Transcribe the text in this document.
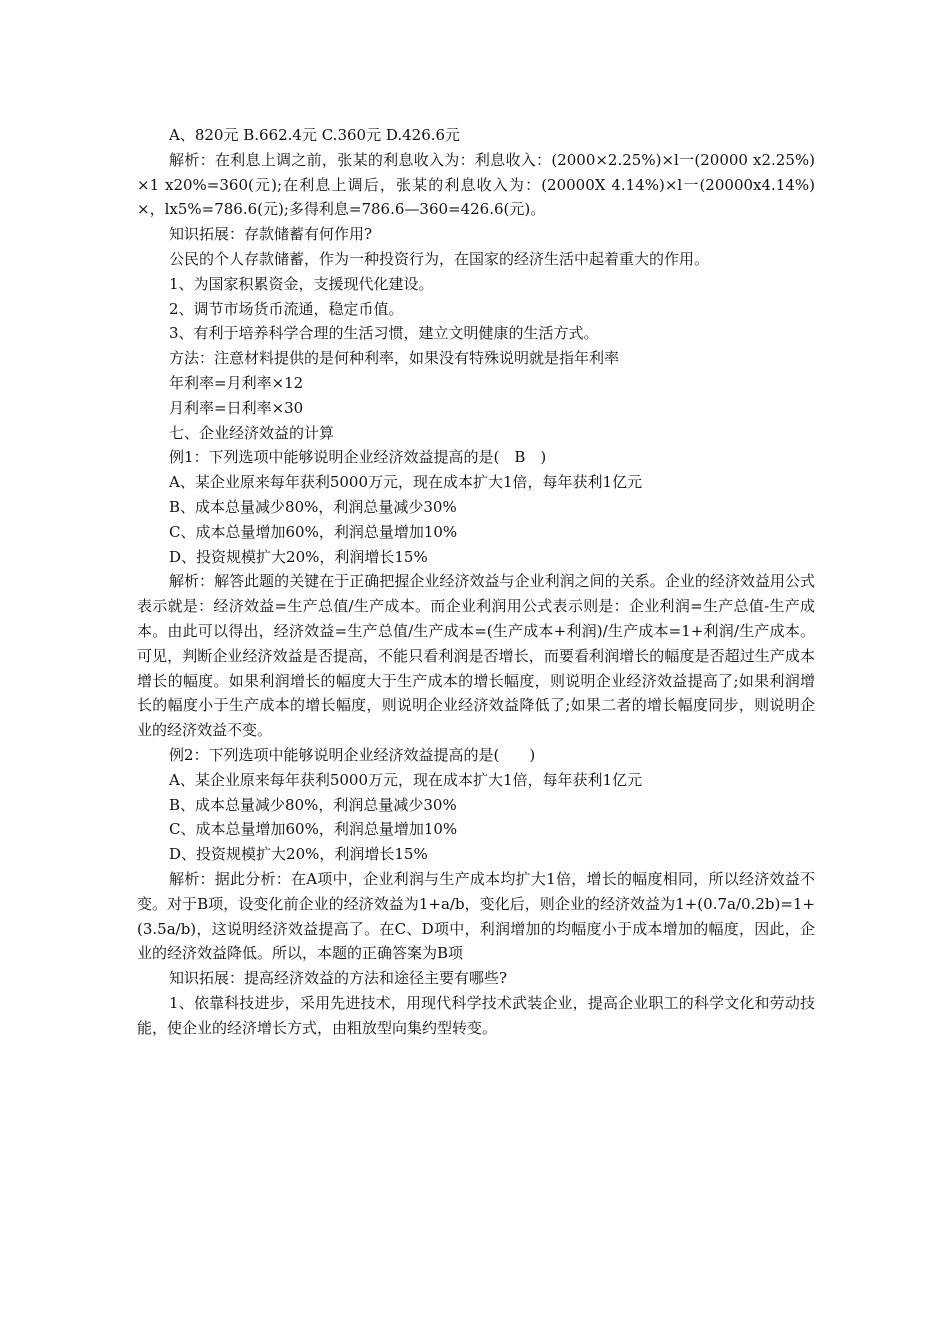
A、820元 B.662.4元 C.360元 D.426.6元

解析：在利息上调之前，张某的利息收入为：利息收入：(2000×2.25%)×l一(20000 x2.25%)×1 x20%=360(元);在利息上调后，张某的利息收入为：(20000X 4.14%)×l一(20000x4.14%)×，lx5%=786.6(元);多得利息=786.6—360=426.6(元)。

知识拓展：存款储蓄有何作用?

公民的个人存款储蓄，作为一种投资行为，在国家的经济生活中起着重大的作用。

1、为国家积累资金，支援现代化建设。

2、调节市场货币流通，稳定币值。

3、有利于培养科学合理的生活习惯，建立文明健康的生活方式。

方法：注意材料提供的是何种利率，如果没有特殊说明就是指年利率

年利率=月利率×12

月利率=日利率×30

七、企业经济效益的计算

例1：下列选项中能够说明企业经济效益提高的是(　B　)

A、某企业原来每年获利5000万元，现在成本扩大1倍，每年获利1亿元

B、成本总量减少80%，利润总量减少30%

C、成本总量增加60%，利润总量增加10%

D、投资规模扩大20%，利润增长15%

解析：解答此题的关键在于正确把握企业经济效益与企业利润之间的关系。企业的经济效益用公式表示就是：经济效益=生产总值/生产成本。而企业利润用公式表示则是：企业利润=生产总值-生产成本。由此可以得出，经济效益=生产总值/生产成本=(生产成本+利润)/生产成本=1+利润/生产成本。可见，判断企业经济效益是否提高，不能只看利润是否增长，而要看利润增长的幅度是否超过生产成本增长的幅度。如果利润增长的幅度大于生产成本的增长幅度，则说明企业经济效益提高了;如果利润增长的幅度小于生产成本的增长幅度，则说明企业经济效益降低了;如果二者的增长幅度同步，则说明企业的经济效益不变。

例2：下列选项中能够说明企业经济效益提高的是(　　)

A、某企业原来每年获利5000万元，现在成本扩大1倍，每年获利1亿元

B、成本总量减少80%，利润总量减少30%

C、成本总量增加60%，利润总量增加10%

D、投资规模扩大20%，利润增长15%

解析：据此分析：在A项中，企业利润与生产成本均扩大1倍，增长的幅度相同，所以经济效益不变。对于B项，设变化前企业的经济效益为1+a/b，变化后，则企业的经济效益为1+(0.7a/0.2b)=1+(3.5a/b)，这说明经济效益提高了。在C、D项中，利润增加的均幅度小于成本增加的幅度，因此，企业的经济效益降低。所以，本题的正确答案为B项

知识拓展：提高经济效益的方法和途径主要有哪些?

1、依靠科技进步，采用先进技术，用现代科学技术武装企业，提高企业职工的科学文化和劳动技能，使企业的经济增长方式，由粗放型向集约型转变。
